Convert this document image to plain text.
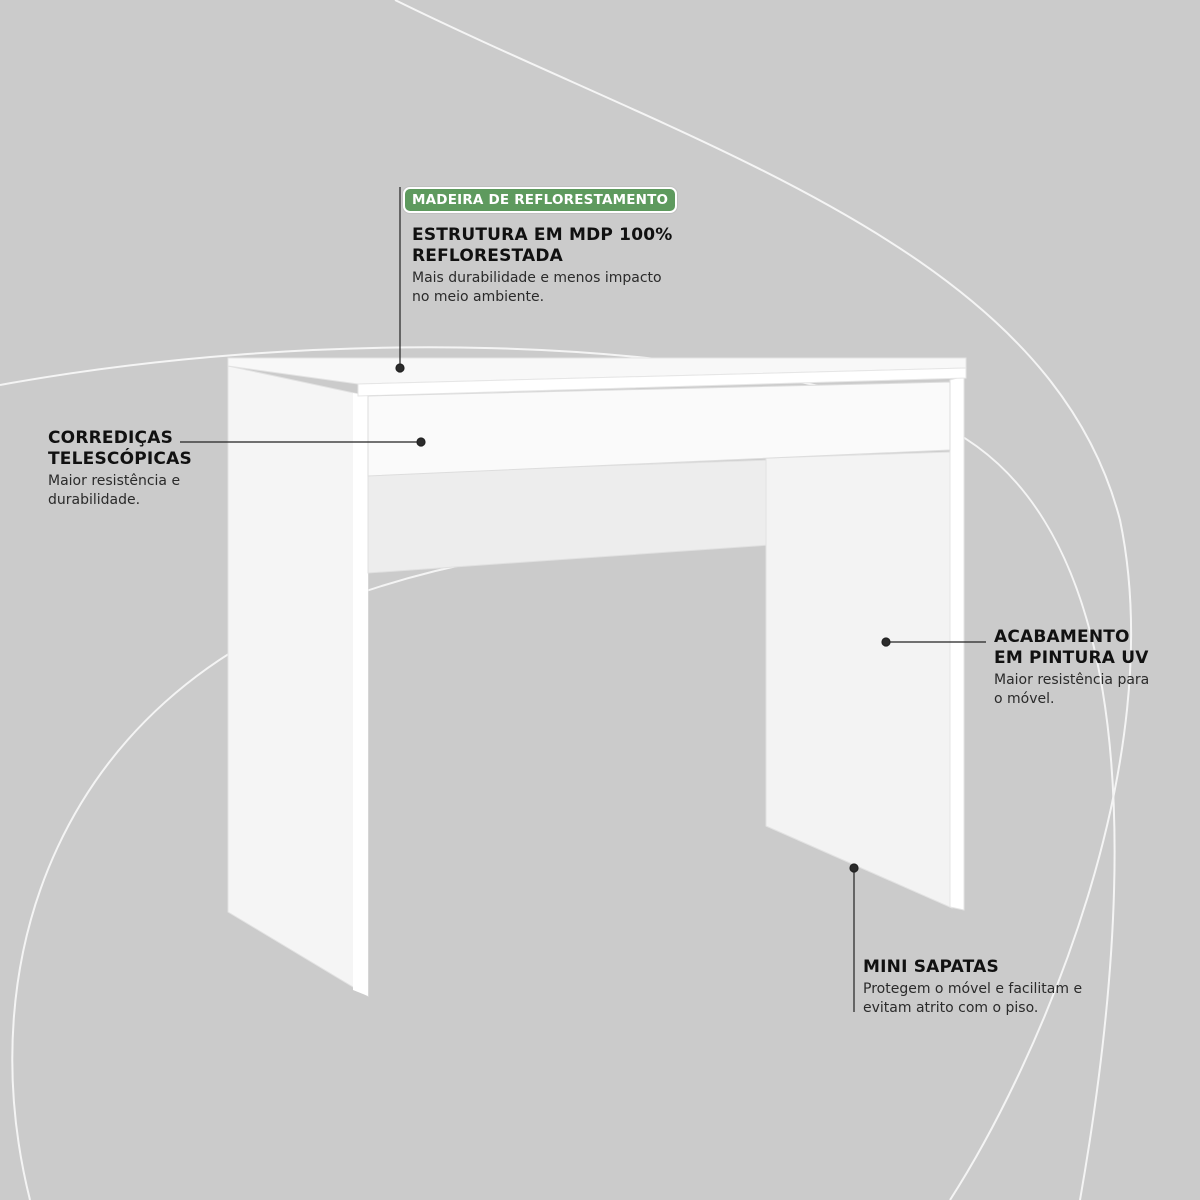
MADEIRA DE REFLORESTAMENTO

ESTRUTURA EM MDP 100%
REFLORESTADA

Mais durabilidade e menos impacto
no meio ambiente.

CORREDIÇAS
TELESCÓPICAS

Maior resistência e
durabilidade.

ACABAMENTO
EM PINTURA UV

Maior resistência para
o móvel.

MINI SAPATAS

Protegem o móvel e facilitam e
evitam atrito com o piso.
